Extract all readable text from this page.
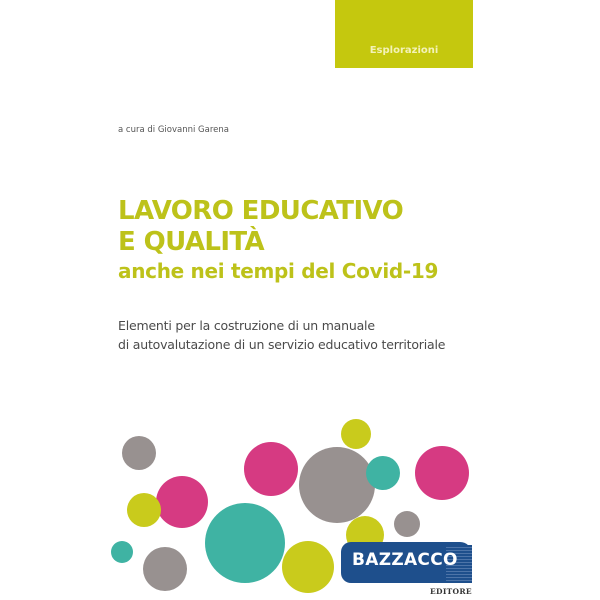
Esplorazioni
a cura di Giovanni Garena
LAVORO EDUCATIVO
E QUALITÀ
anche nei tempi del Covid-19
Elementi per la costruzione di un manuale
di autovalutazione di un servizio educativo territoriale
BAZZACCO
EDITORE
